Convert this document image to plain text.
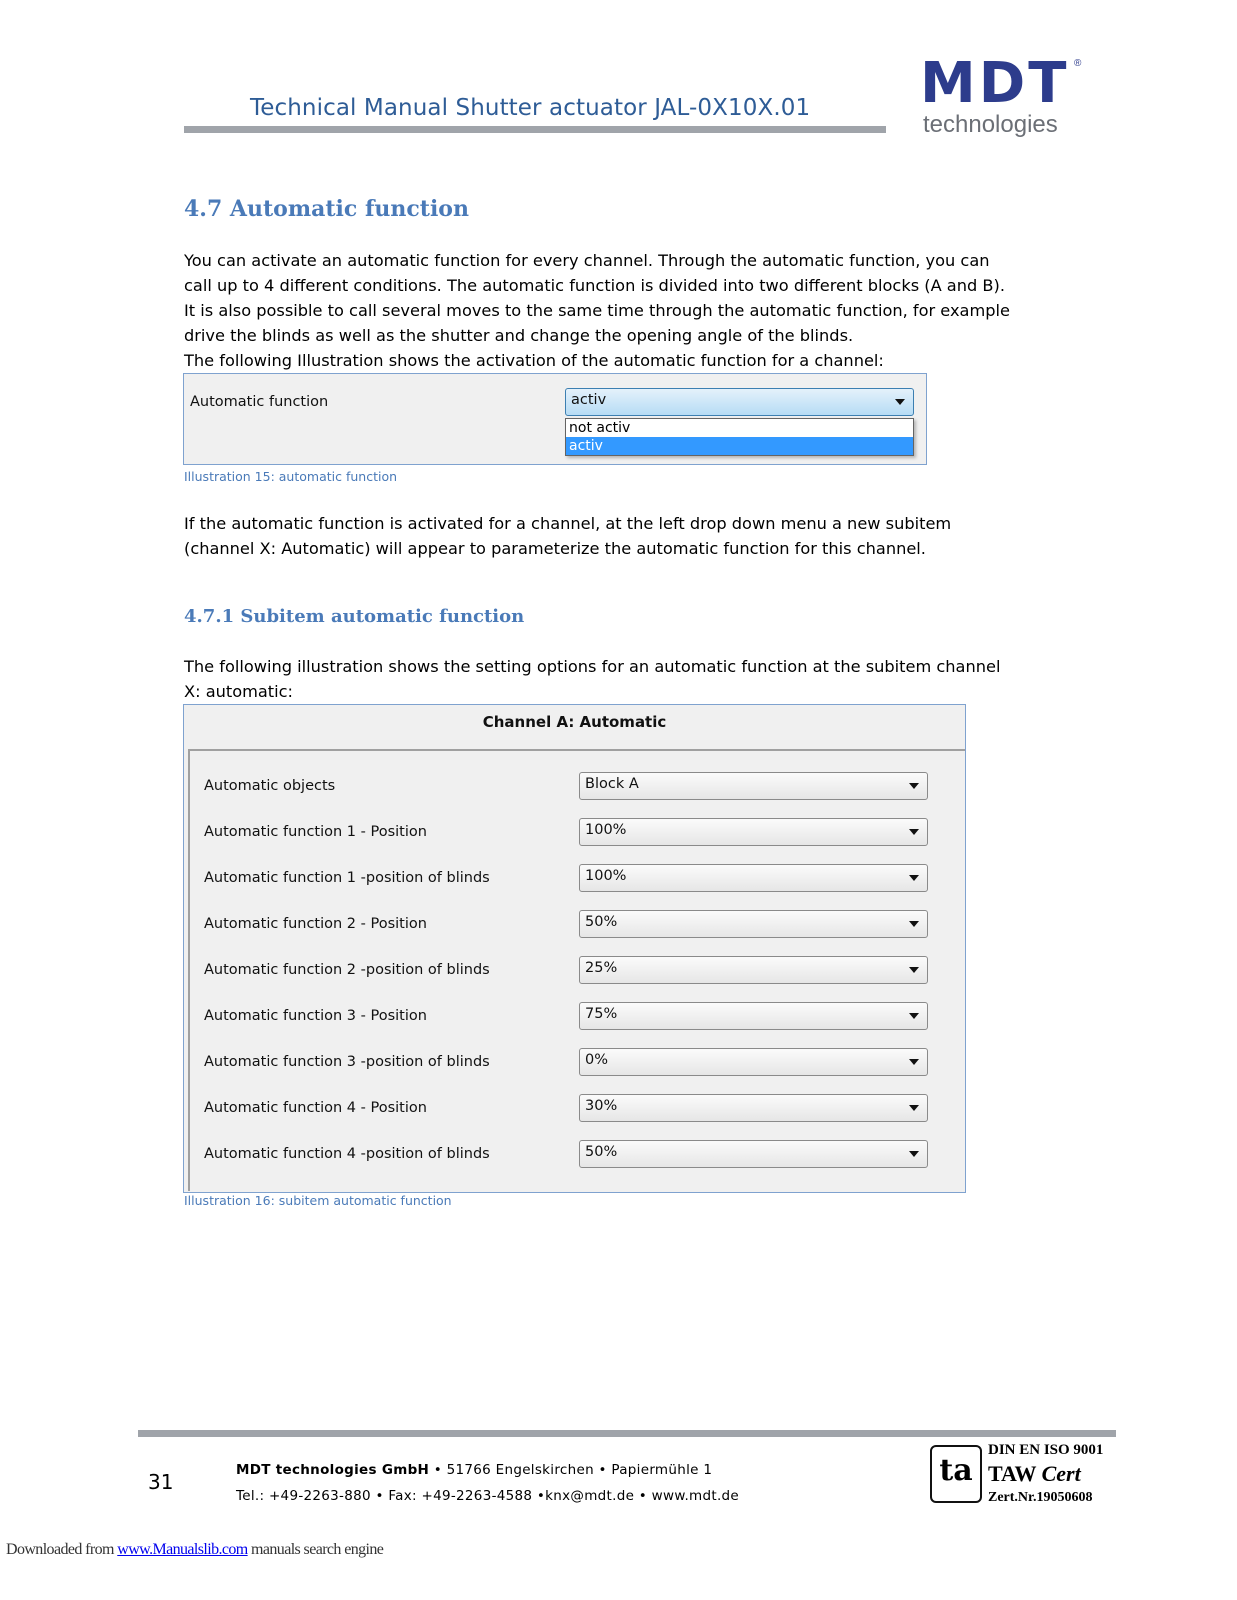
Technical Manual Shutter actuator JAL-0X10X.01 MDT ®
technologies
4.7 Automatic function
You can activate an automatic function for every channel. Through the automatic function, you can
call up to 4 different conditions. The automatic function is divided into two different blocks (A and B).
It is also possible to call several moves to the same time through the automatic function, for example
drive the blinds as well as the shutter and change the opening angle of the blinds.
The following Illustration shows the activation of the automatic function for a channel:
Automatic function	activ
not activ
activ
Illustration 15: automatic function
If the automatic function is activated for a channel, at the left drop down menu a new subitem
(channel X: Automatic) will appear to parameterize the automatic function for this channel.
4.7.1 Subitem automatic function
The following illustration shows the setting options for an automatic function at the subitem channel
X: automatic:
Channel A: Automatic
Automatic objects	Block A
Automatic function 1 - Position	100%
Automatic function 1 -position of blinds	100%
Automatic function 2 - Position	50%
Automatic function 2 -position of blinds	25%
Automatic function 3 - Position	75%
Automatic function 3 -position of blinds	0%
Automatic function 4 - Position	30%
Automatic function 4 -position of blinds	50%
Illustration 16: subitem automatic function
31	MDT technologies GmbH • 51766 Engelskirchen • Papiermühle 1
Tel.: +49-2263-880 • Fax: +49-2263-4588 •knx@mdt.de • www.mdt.de
ta
DIN EN ISO 9001
TAW Cert
Zert.Nr.19050608
Downloaded from www.Manualslib.com manuals search engine
